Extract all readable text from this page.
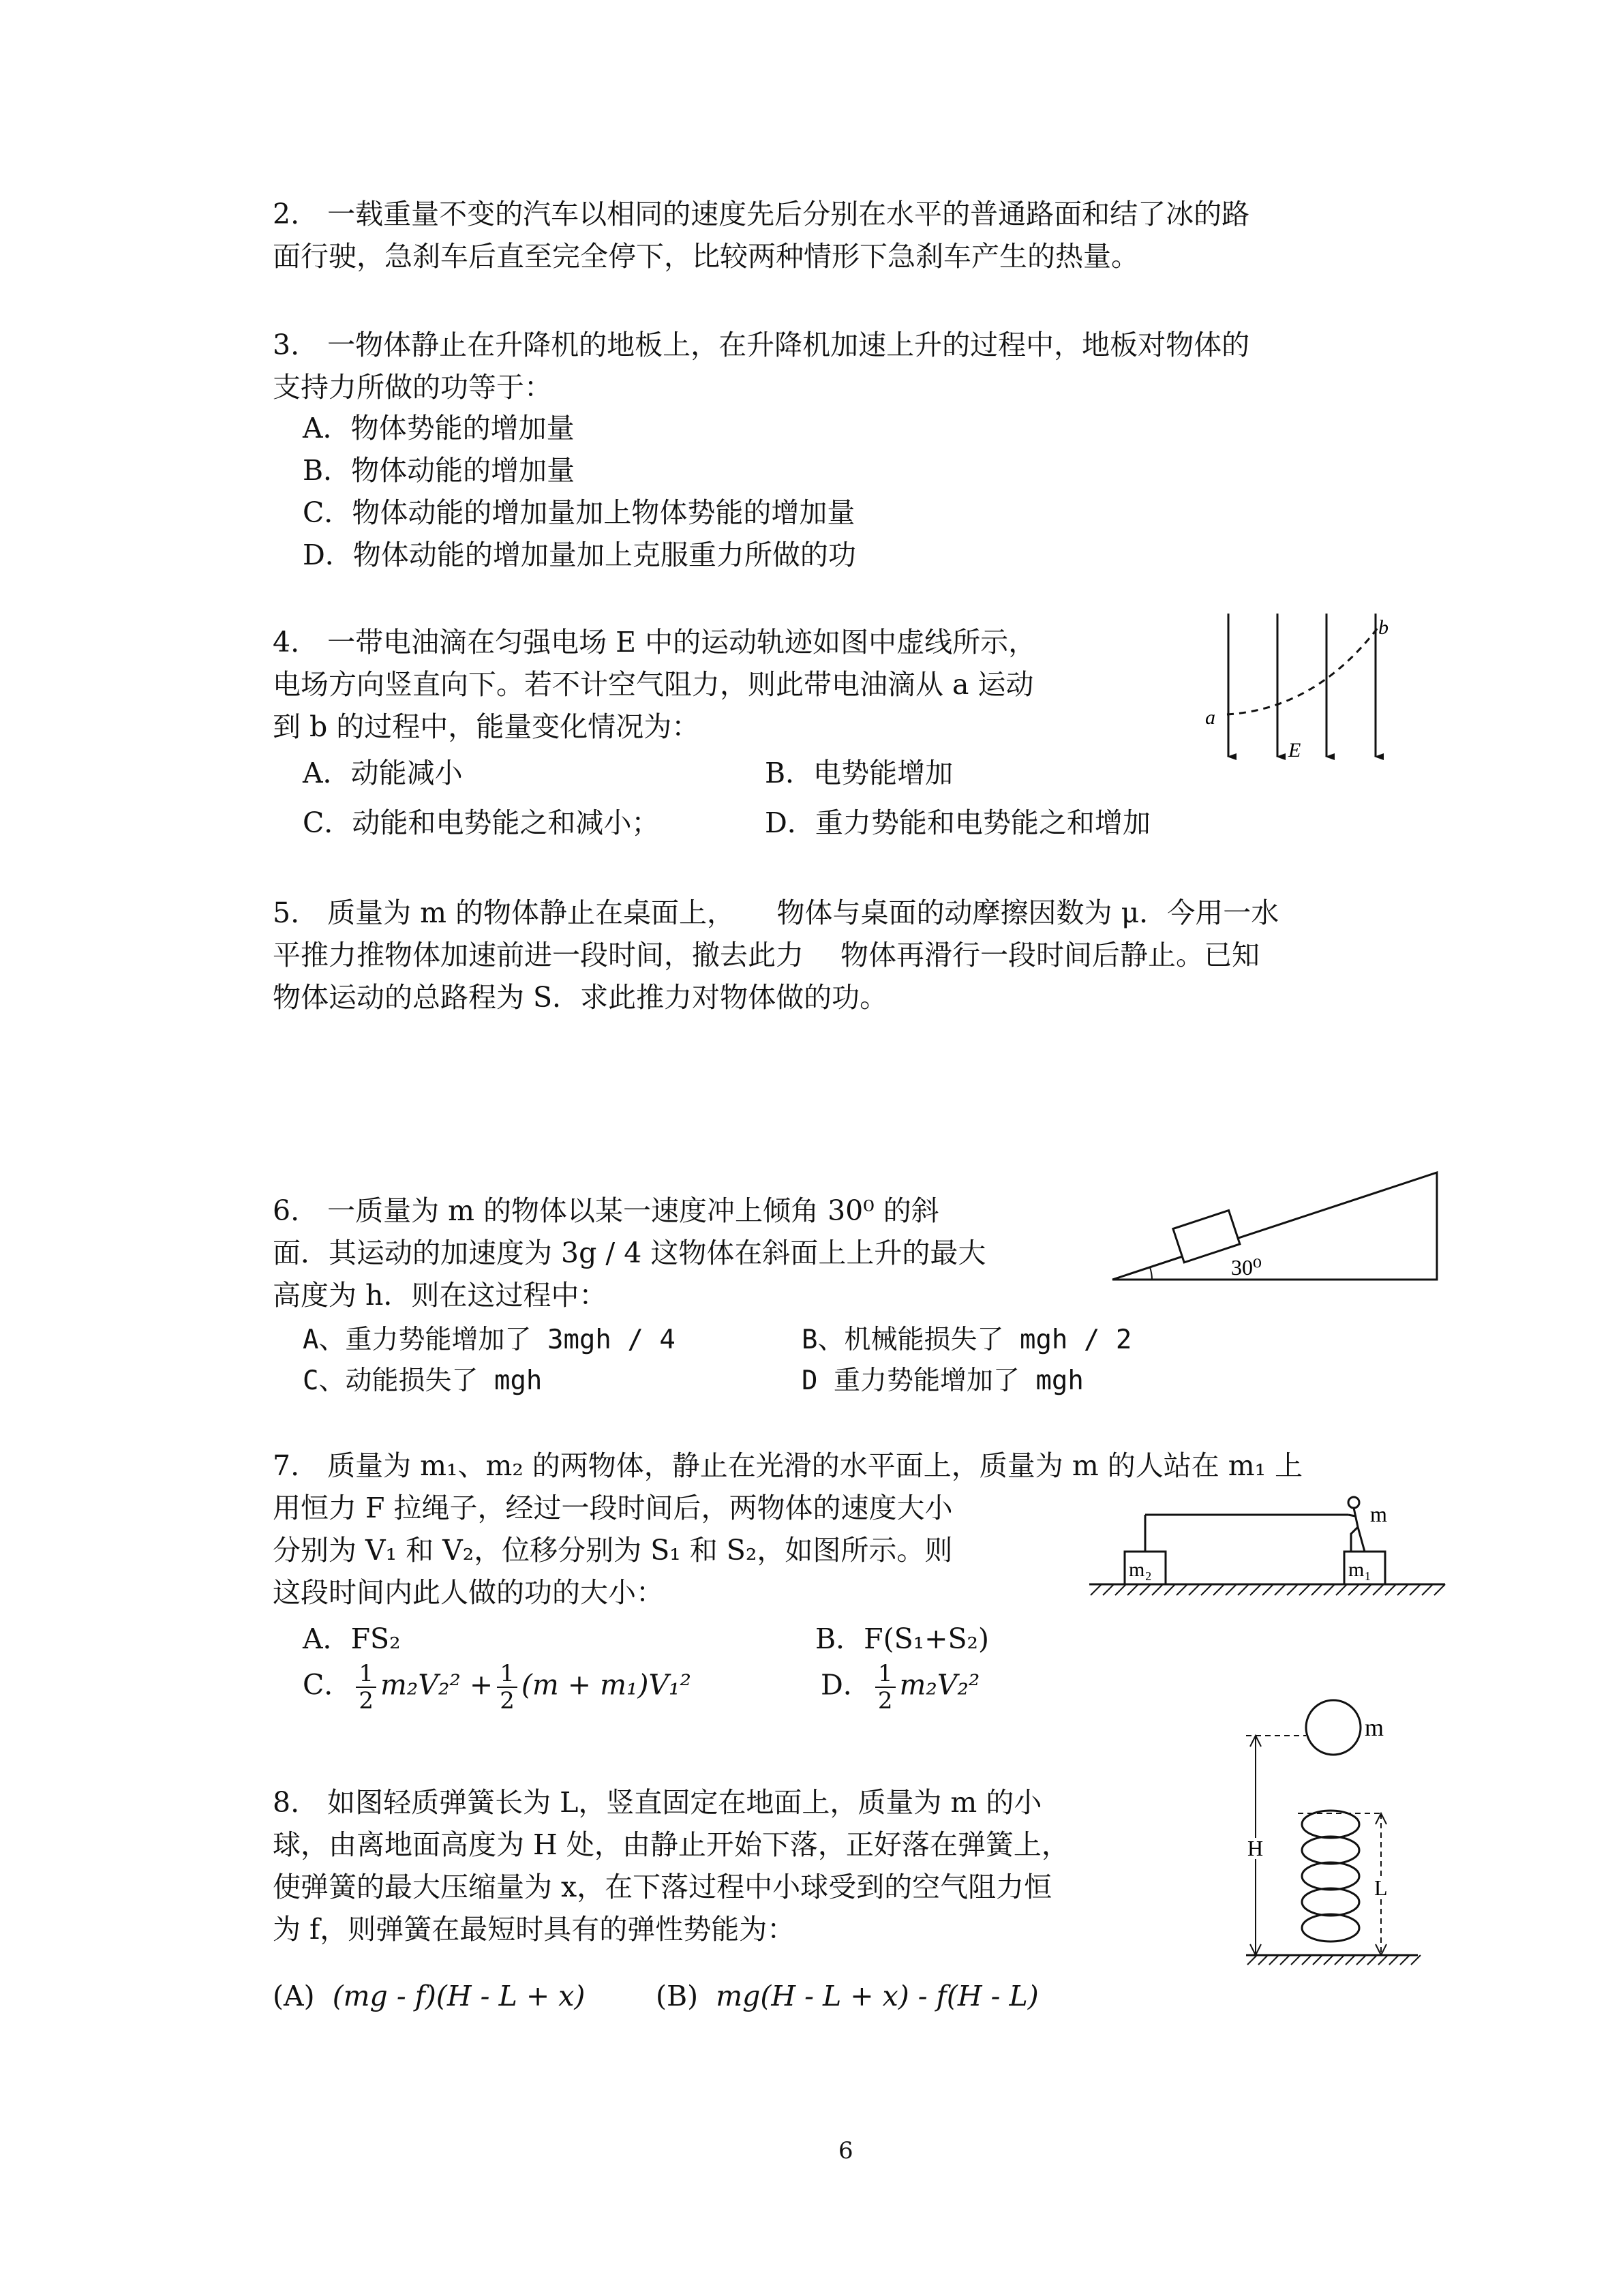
2.　一载重量不变的汽车以相同的速度先后分别在水平的普通路面和结了冰的路
面行驶，急刹车后直至完全停下，比较两种情形下急刹车产生的热量。
3.　一物体静止在升降机的地板上，在升降机加速上升的过程中，地板对物体的
支持力所做的功等于：
A．物体势能的增加量
B．物体动能的增加量
C．物体动能的增加量加上物体势能的增加量
D．物体动能的增加量加上克服重力所做的功
4.　一带电油滴在匀强电场 E 中的运动轨迹如图中虚线所示，
电场方向竖直向下。若不计空气阻力，则此带电油滴从 a 运动
到 b 的过程中，能量变化情况为：
A．动能减小	B．电势能增加
C．动能和电势能之和减小；	D．重力势能和电势能之和增加
a
b
E
5.　质量为 m 的物体静止在桌面上，　　物体与桌面的动摩擦因数为 μ．今用一水
平推力推物体加速前进一段时间，撤去此力　 物体再滑行一段时间后静止。已知
物体运动的总路程为 S．求此推力对物体做的功。
6.　一质量为 m 的物体以某一速度冲上倾角 30⁰ 的斜
面．其运动的加速度为 3g / 4 这物体在斜面上上升的最大
高度为 h．则在这过程中：
A、重力势能增加了 3mgh / 4	B、机械能损失了 mgh / 2
C、动能损失了 mgh	D 重力势能增加了 mgh
30⁰
7.　质量为 m₁、m₂ 的两物体，静止在光滑的水平面上，质量为 m 的人站在 m₁ 上
用恒力 F 拉绳子，经过一段时间后，两物体的速度大小
分别为 V₁ 和 V₂，位移分别为 S₁ 和 S₂，如图所示。则
这段时间内此人做的功的大小：
A．FS₂	B．F(S₁+S₂)
C． $\frac{1}{2} m_2V_2^2 + \frac{1}{2} (m + m_1)V_1^2$	D． $\frac{1}{2} m_2V_2^2$
m₂	m₁
m
8.　如图轻质弹簧长为 L，竖直固定在地面上，质量为 m 的小
球，由离地面高度为 H 处，由静止开始下落，正好落在弹簧上，
使弹簧的最大压缩量为 x，在下落过程中小球受到的空气阻力恒
为 f，则弹簧在最短时具有的弹性势能为：
(A) (mg - f)(H - L + x)	(B) mg(H - L + x) - f(H - L)
m
H
L
6
